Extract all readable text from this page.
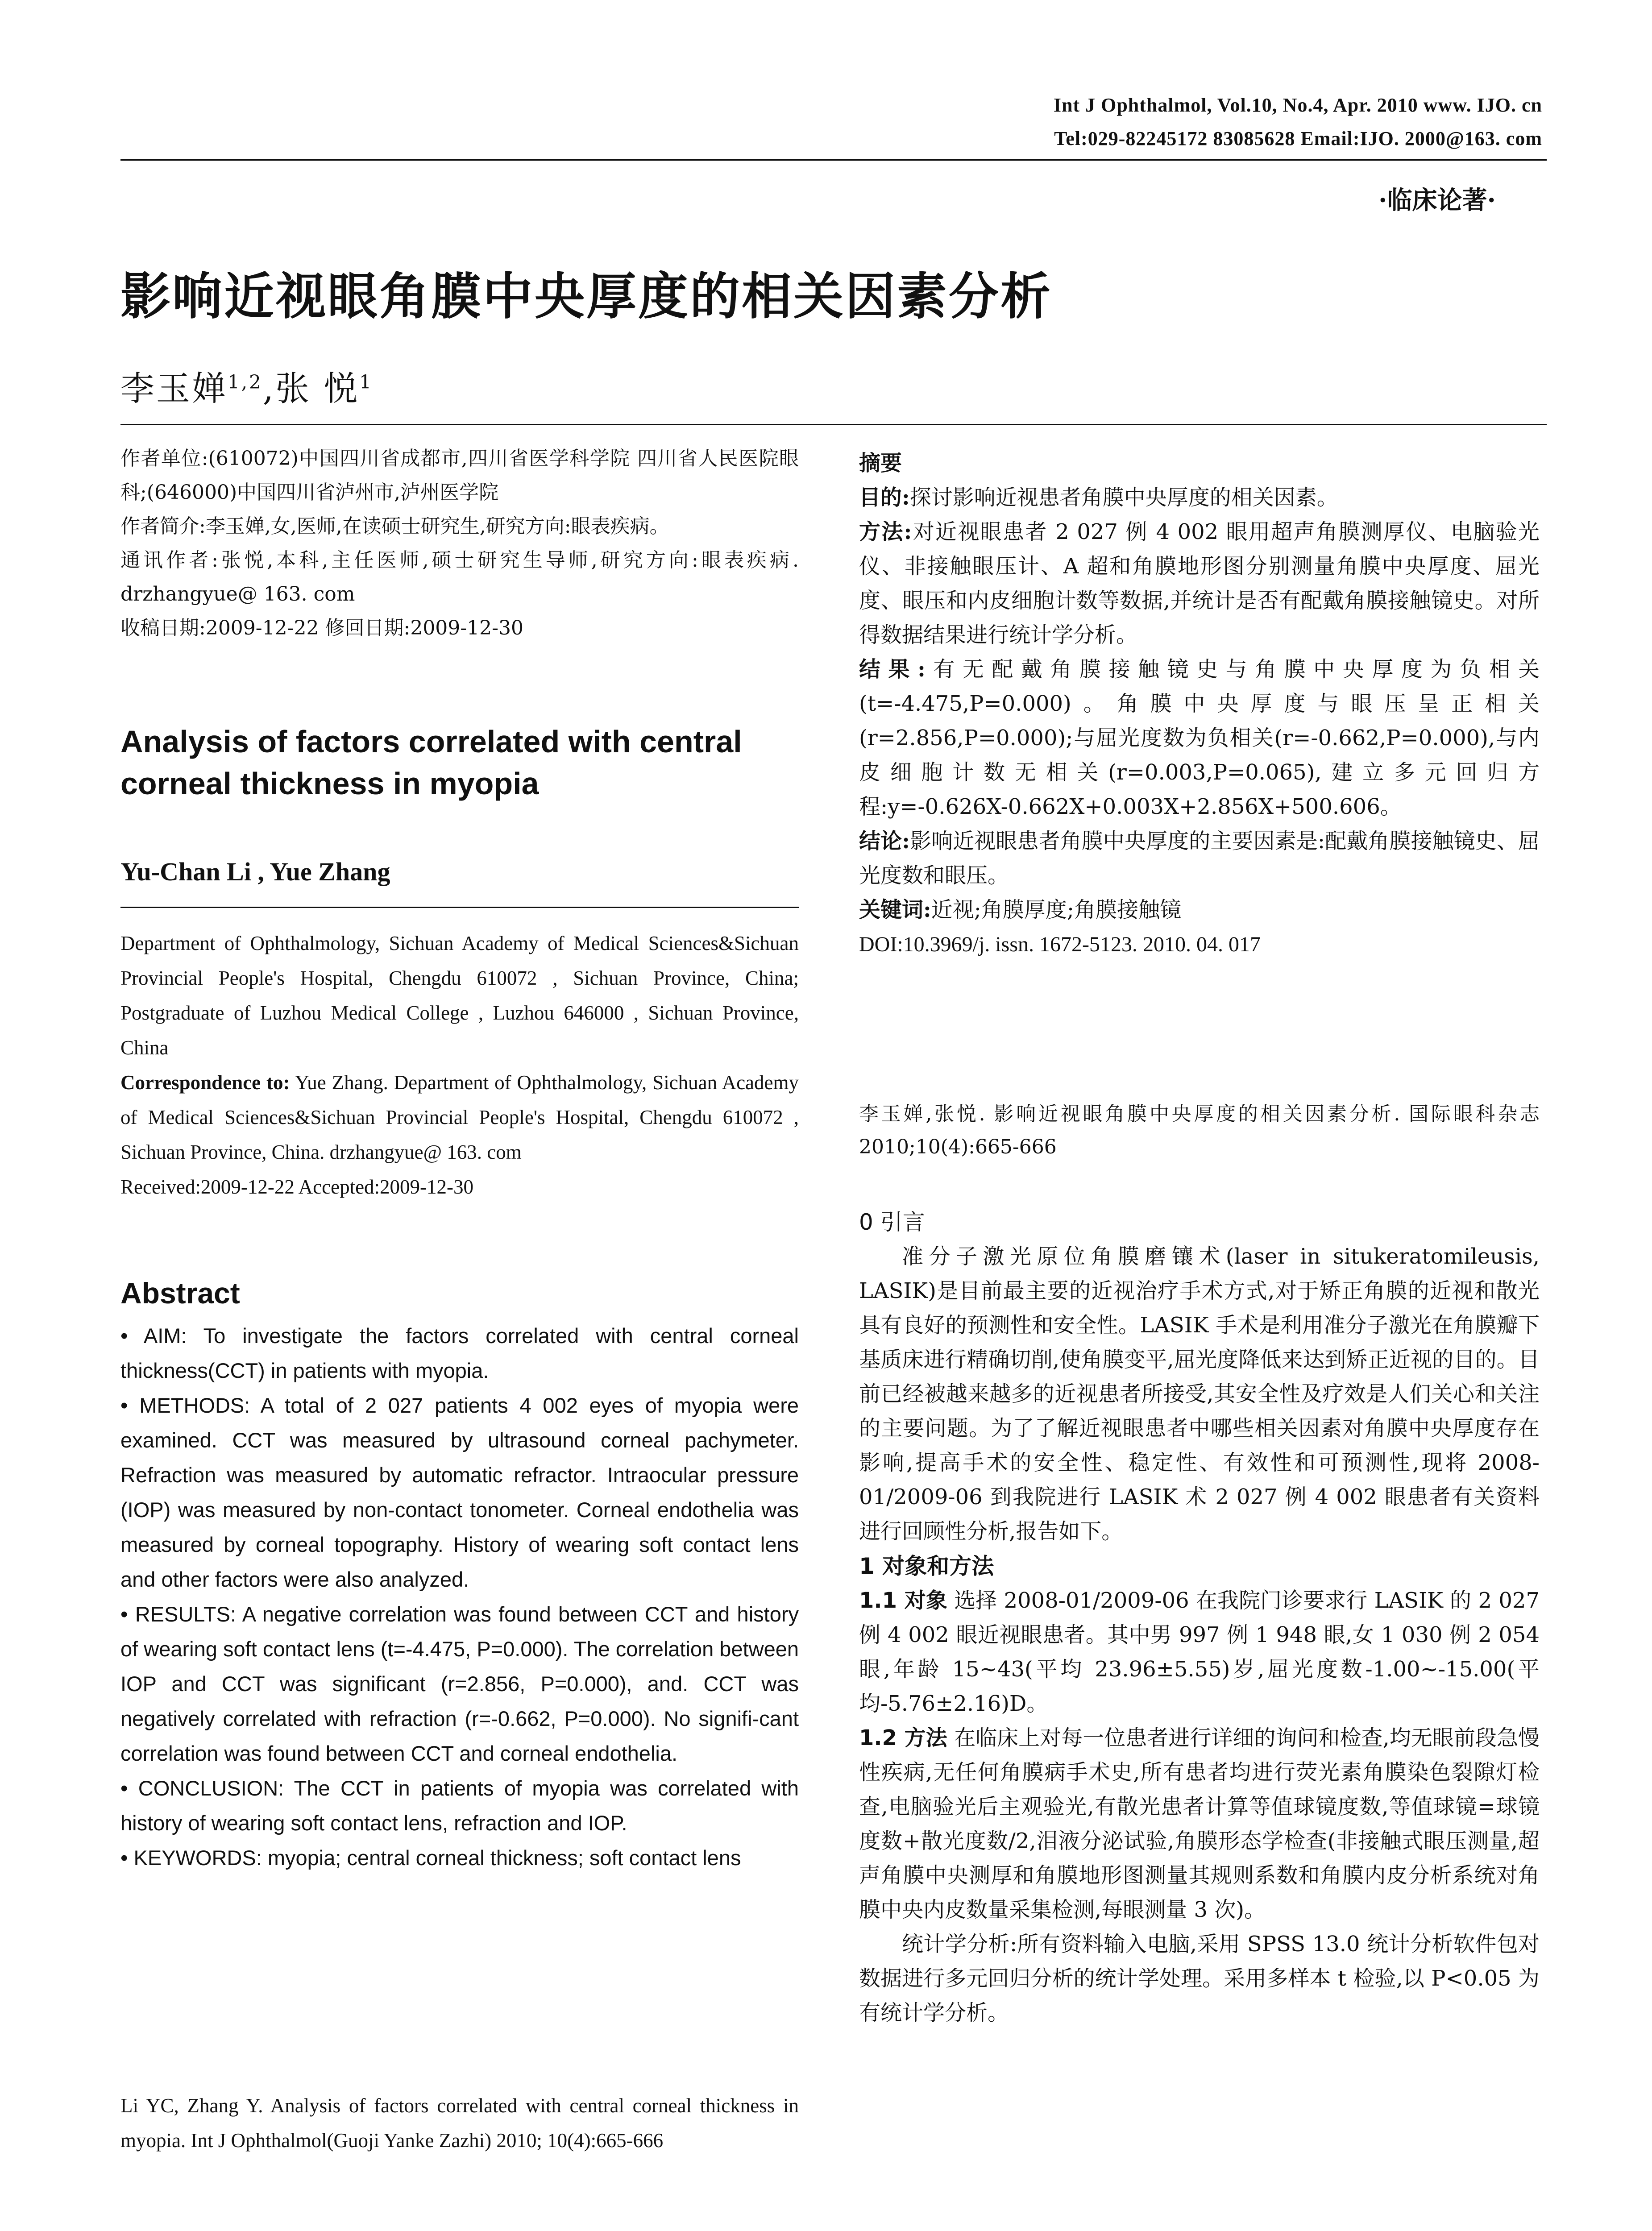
Int J Ophthalmol, Vol.10, No.4, Apr. 2010 www. IJO. cn
Tel:029-82245172 83085628 Email:IJO. 2000@163. com
·临床论著·
影响近视眼角膜中央厚度的相关因素分析
李玉婵$^{1,2}$,张 悦$^1$

作者单位:(610072)中国四川省成都市,四川省医学科学院 四川省人民医院眼科;(646000)中国四川省泸州市,泸州医学院

作者简介:李玉婵,女,医师,在读硕士研究生,研究方向:眼表疾病。

通讯作者:张悦,本科,主任医师,硕士研究生导师,研究方向:眼表疾病. drzhangyue@ 163. com

收稿日期:2009-12-22 修回日期:2009-12-30

Analysis of factors correlated with central corneal thickness in myopia
Yu-Chan Li , Yue Zhang

Department of Ophthalmology, Sichuan Academy of Medical Sciences&Sichuan Provincial People's Hospital, Chengdu 610072 , Sichuan Province, China; Postgraduate of Luzhou Medical College , Luzhou 646000 , Sichuan Province, China

Correspondence to: Yue Zhang. Department of Ophthalmology, Sichuan Academy of Medical Sciences&Sichuan Provincial People's Hospital, Chengdu 610072 , Sichuan Province, China. drzhangyue@ 163. com

Received:2009-12-22 Accepted:2009-12-30

Abstract

• AIM: To investigate the factors correlated with central corneal thickness(CCT) in patients with myopia.

• METHODS: A total of 2 027 patients 4 002 eyes of myopia were examined. CCT was measured by ultrasound corneal pachymeter. Refraction was measured by automatic refractor. Intraocular pressure (IOP) was measured by non-contact tonometer. Corneal endothelia was measured by corneal topography. History of wearing soft contact lens and other factors were also analyzed.

• RESULTS: A negative correlation was found between CCT and history of wearing soft contact lens (t=-4.475, P=0.000). The correlation between IOP and CCT was significant (r=2.856, P=0.000), and. CCT was negatively correlated with refraction (r=-0.662, P=0.000). No signifi-cant correlation was found between CCT and corneal endothelia.

• CONCLUSION: The CCT in patients of myopia was correlated with history of wearing soft contact lens, refraction and IOP.

• KEYWORDS: myopia; central corneal thickness; soft contact lens

Li YC, Zhang Y. Analysis of factors correlated with central corneal thickness in myopia. Int J Ophthalmol(Guoji Yanke Zazhi) 2010; 10(4):665-666

摘要

目的:探讨影响近视患者角膜中央厚度的相关因素。

方法:对近视眼患者 2 027 例 4 002 眼用超声角膜测厚仪、电脑验光仪、非接触眼压计、A 超和角膜地形图分别测量角膜中央厚度、屈光度、眼压和内皮细胞计数等数据,并统计是否有配戴角膜接触镜史。对所得数据结果进行统计学分析。

结果:有无配戴角膜接触镜史与角膜中央厚度为负相关(t=-4.475,P=0.000)。角膜中央厚度与眼压呈正相关(r=2.856,P=0.000);与屈光度数为负相关(r=-0.662,P=0.000),与内皮细胞计数无相关(r=0.003,P=0.065),建立多元回归方程:y=-0.626X-0.662X+0.003X+2.856X+500.606。

结论:影响近视眼患者角膜中央厚度的主要因素是:配戴角膜接触镜史、屈光度数和眼压。

关键词:近视;角膜厚度;角膜接触镜

DOI:10.3969/j. issn. 1672-5123. 2010. 04. 017

李玉婵,张悦. 影响近视眼角膜中央厚度的相关因素分析. 国际眼科杂志 2010;10(4):665-666
0 引言
准分子激光原位角膜磨镶术(laser in situkeratomileusis, LASIK)是目前最主要的近视治疗手术方式,对于矫正角膜的近视和散光具有良好的预测性和安全性。LASIK 手术是利用准分子激光在角膜瓣下基质床进行精确切削,使角膜变平,屈光度降低来达到矫正近视的目的。目前已经被越来越多的近视患者所接受,其安全性及疗效是人们关心和关注的主要问题。为了了解近视眼患者中哪些相关因素对角膜中央厚度存在影响,提高手术的安全性、稳定性、有效性和可预测性,现将 2008-01/2009-06 到我院进行 LASIK 术 2 027 例 4 002 眼患者有关资料进行回顾性分析,报告如下。
1 对象和方法
1.1 对象 选择 2008-01/2009-06 在我院门诊要求行 LASIK 的 2 027 例 4 002 眼近视眼患者。其中男 997 例 1 948 眼,女 1 030 例 2 054 眼,年龄 15~43(平均 23.96±5.55)岁,屈光度数-1.00~-15.00(平均-5.76±2.16)D。
1.2 方法 在临床上对每一位患者进行详细的询问和检查,均无眼前段急慢性疾病,无任何角膜病手术史,所有患者均进行荧光素角膜染色裂隙灯检查,电脑验光后主观验光,有散光患者计算等值球镜度数,等值球镜=球镜度数+散光度数/2,泪液分泌试验,角膜形态学检查(非接触式眼压测量,超声角膜中央测厚和角膜地形图测量其规则系数和角膜内皮分析系统对角膜中央内皮数量采集检测,每眼测量 3 次)。
统计学分析:所有资料输入电脑,采用 SPSS 13.0 统计分析软件包对数据进行多元回归分析的统计学处理。采用多样本 t 检验,以 P<0.05 为有统计学分析。
